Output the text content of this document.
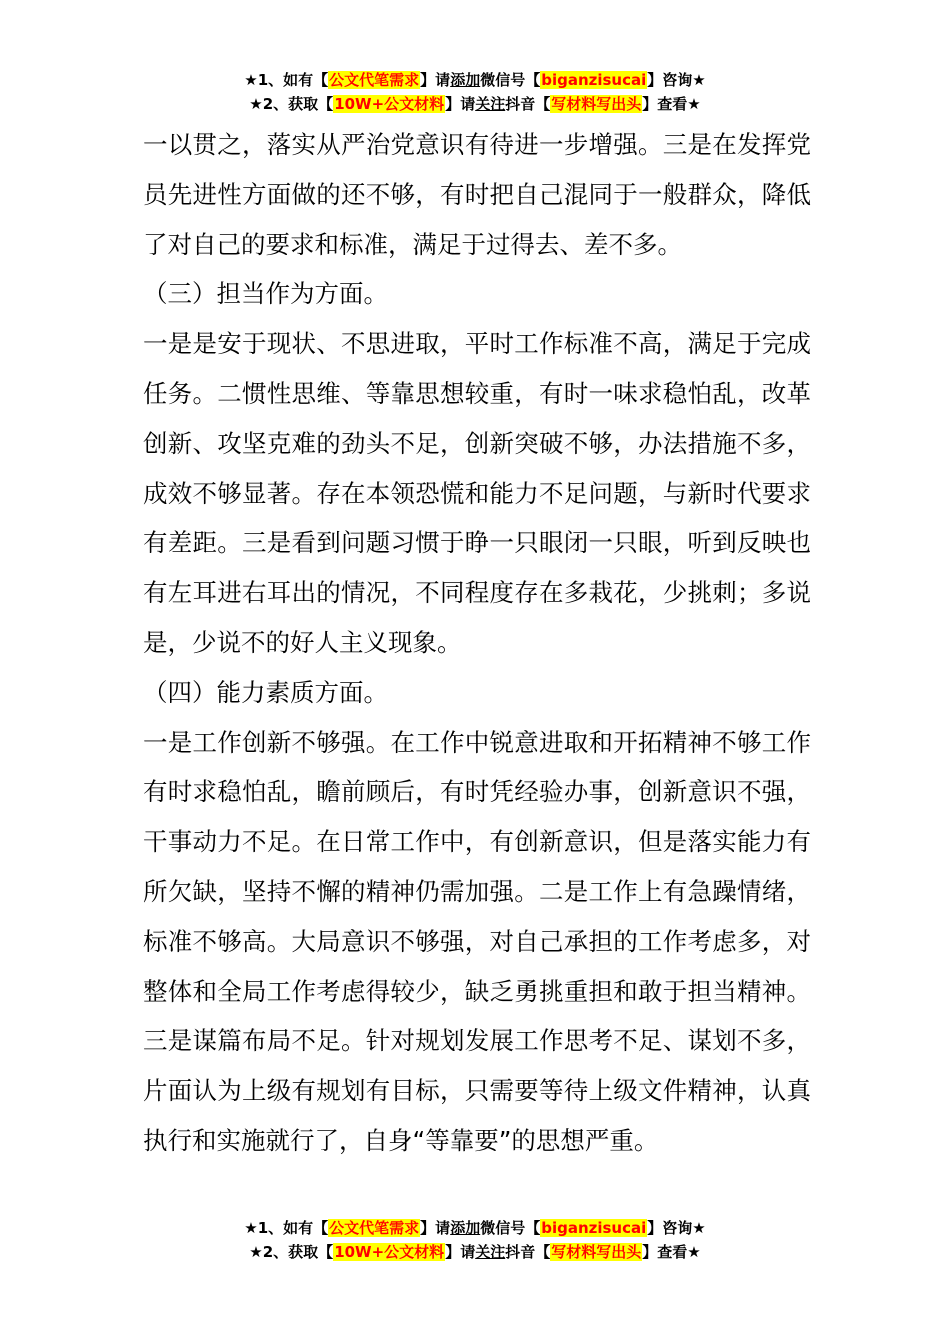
★1、如有【公文代笔需求】请添加微信号【biganzisucai】咨询★
★2、获取【10W+公文材料】请关注抖音【写材料写出头】查看★

一以贯之，落实从严治党意识有待进一步增强。三是在发挥党员先进性方面做的还不够，有时把自己混同于一般群众，降低了对自己的要求和标准，满足于过得去、差不多。

（三）担当作为方面。

一是是安于现状、不思进取，平时工作标准不高，满足于完成任务。二惯性思维、等靠思想较重，有时一味求稳怕乱，改革创新、攻坚克难的劲头不足，创新突破不够，办法措施不多，成效不够显著。存在本领恐慌和能力不足问题，与新时代要求有差距。三是看到问题习惯于睁一只眼闭一只眼，听到反映也有左耳进右耳出的情况，不同程度存在多栽花，少挑刺；多说是，少说不的好人主义现象。

（四）能力素质方面。

一是工作创新不够强。在工作中锐意进取和开拓精神不够工作有时求稳怕乱，瞻前顾后，有时凭经验办事，创新意识不强，干事动力不足。在日常工作中，有创新意识，但是落实能力有所欠缺，坚持不懈的精神仍需加强。二是工作上有急躁情绪，标准不够高。大局意识不够强，对自己承担的工作考虑多，对整体和全局工作考虑得较少，缺乏勇挑重担和敢于担当精神。三是谋篇布局不足。针对规划发展工作思考不足、谋划不多，片面认为上级有规划有目标，只需要等待上级文件精神，认真执行和实施就行了，自身“等靠要”的思想严重。

★1、如有【公文代笔需求】请添加微信号【biganzisucai】咨询★
★2、获取【10W+公文材料】请关注抖音【写材料写出头】查看★
